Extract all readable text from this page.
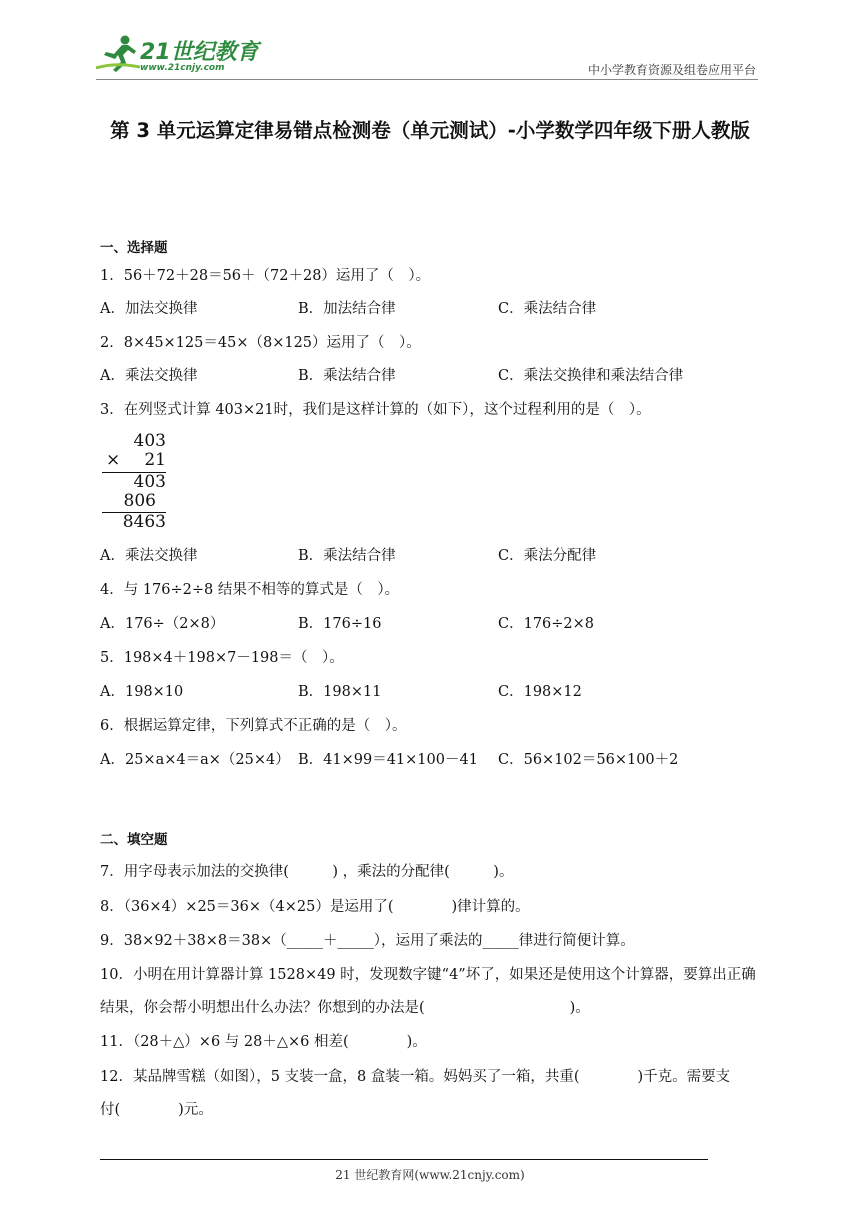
21世纪教育
www.21cnjy.com	中小学教育资源及组卷应用平台
第 3 单元运算定律易错点检测卷（单元测试）-小学数学四年级下册人教版
一、选择题
1．56＋72＋28＝56＋（72＋28）运用了（　）。
A．加法交换律	B．加法结合律	C．乘法结合律
2．8×45×125＝45×（8×125）运用了（　）。
A．乘法交换律	B．乘法结合律	C．乘法交换律和乘法结合律
3．在列竖式计算 403×21时，我们是这样计算的（如下），这个过程利用的是（　）。
403
× 21
403
806
8463
A．乘法交换律	B．乘法结合律	C．乘法分配律
4．与 176÷2÷8 结果不相等的算式是（　）。
A．176÷（2×8）	B．176÷16	C．176÷2×8
5．198×4＋198×7－198＝（　）。
A．198×10	B．198×11	C．198×12
6．根据运算定律，下列算式不正确的是（　）。
A．25×a×4＝a×（25×4） B．41×99＝41×100－41 C．56×102＝56×100＋2
二、填空题
7．用字母表示加法的交换律(　　　) ，乘法的分配律(　　　)。
8．（36×4）×25＝36×（4×25）是运用了(　　　　)律计算的。
9．38×92＋38×8＝38×（_____＋_____），运用了乘法的_____律进行简便计算。
10．小明在用计算器计算 1528×49 时，发现数字键“4”坏了，如果还是使用这个计算器，要算出正确
结果，你会帮小明想出什么办法？你想到的办法是(　　　　　　　　　　)。
11．（28＋△）×6 与 28＋△×6 相差(　　　　)。
12．某品牌雪糕（如图），5 支装一盒，8 盒装一箱。妈妈买了一箱，共重(　　　　)千克。需要支
付(　　　　)元。
21 世纪教育网(www.21cnjy.com)
